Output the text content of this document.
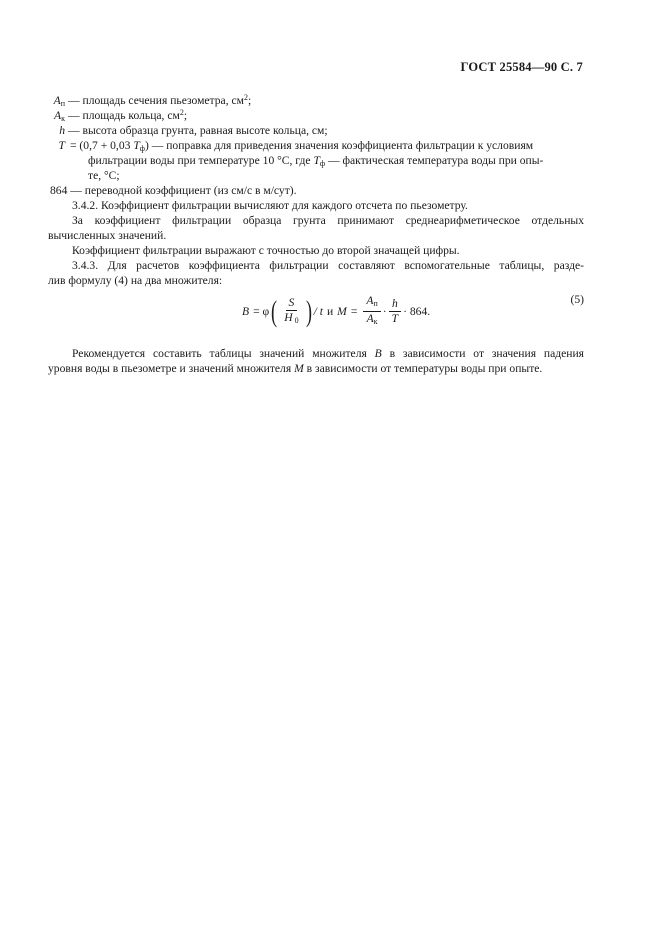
ГОСТ 25584—90 С. 7
$A_п$ — площадь сечения пьезометра, $см^2$;
$A_к$ — площадь кольца, $см^2$;
h — высота образца грунта, равная высоте кольца, см;
T = (0,7 + 0,03 $T_ф$) — поправка для приведения значения коэффициента фильтрации к условиям
фильтрации воды при температуре 10 °С, где $T_ф$ — фактическая температура воды при опы-
те, °С;
864 — переводной коэффициент (из см/с в м/сут).

3.4.2. Коэффициент фильтрации вычисляют для каждого отсчета по пьезометру.

За коэффициент фильтрации образца грунта принимают среднеарифметическое отдельных
вычисленных значений.

Коэффициент фильтрации выражают с точностью до второй значащей цифры.

3.4.3. Для расчетов коэффициента фильтрации составляют вспомогательные таблицы, разде-
лив формулу (4) на два множителя:

B = φ ( $\frac{S}{H _0}$ ) / t и $M = \frac{A_п}{A_к} \cdot \frac{h}{T} \cdot 864$.
(5)

Рекомендуется составить таблицы значений множителя B в зависимости от значения падения
уровня воды в пьезометре и значений множителя M в зависимости от температуры воды при опыте.
